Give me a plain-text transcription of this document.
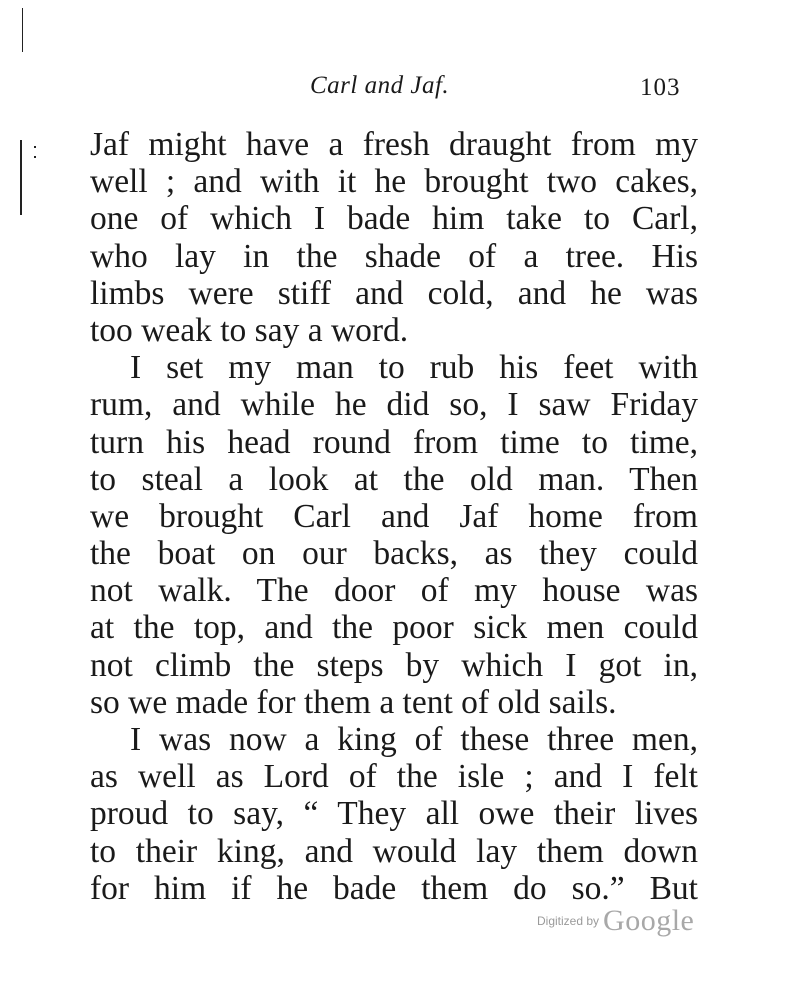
Carl and Jaf.	103
Jaf might have a fresh draught from my
well ; and with it he brought two cakes,
one of which I bade him take to Carl,
who lay in the shade of a tree. His
limbs were stiff and cold, and he was
too weak to say a word.
I set my man to rub his feet with
rum, and while he did so, I saw Friday
turn his head round from time to time,
to steal a look at the old man. Then
we brought Carl and Jaf home from
the boat on our backs, as they could
not walk. The door of my house was
at the top, and the poor sick men could
not climb the steps by which I got in,
so we made for them a tent of old sails.
I was now a king of these three men,
as well as Lord of the isle ; and I felt
proud to say, “ They all owe their lives
to their king, and would lay them down
for him if he bade them do so.” But
Digitized by Google
